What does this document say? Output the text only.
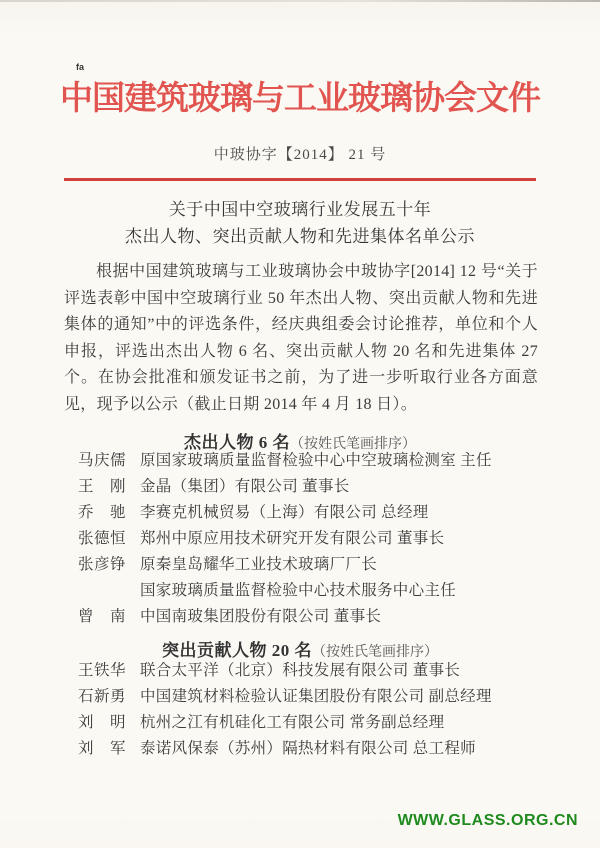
fa
中国建筑玻璃与工业玻璃协会文件
中玻协字【2014】 21 号
关于中国中空玻璃行业发展五十年
杰出人物、突出贡献人物和先进集体名单公示
根据中国建筑玻璃与工业玻璃协会中玻协字[2014] 12 号“关于评选表彰中国中空玻璃行业 50 年杰出人物、突出贡献人物和先进集体的通知”中的评选条件，经庆典组委会讨论推荐，单位和个人申报，评选出杰出人物 6 名、突出贡献人物 20 名和先进集体 27 个。在协会批准和颁发证书之前，为了进一步听取行业各方面意见，现予以公示（截止日期 2014 年 4 月 18 日）。
杰出人物 6 名（按姓氏笔画排序）
马庆儒 原国家玻璃质量监督检验中心中空玻璃检测室 主任
王　刚 金晶（集团）有限公司 董事长
乔　驰 李赛克机械贸易（上海）有限公司 总经理
张德恒 郑州中原应用技术研究开发有限公司 董事长
张彦铮 原秦皇岛耀华工业技术玻璃厂厂长
国家玻璃质量监督检验中心技术服务中心主任
曾　南 中国南玻集团股份有限公司 董事长
突出贡献人物 20 名（按姓氏笔画排序）
王铁华 联合太平洋（北京）科技发展有限公司 董事长
石新勇 中国建筑材料检验认证集团股份有限公司 副总经理
刘　明 杭州之江有机硅化工有限公司 常务副总经理
刘　军 泰诺风保泰（苏州）隔热材料有限公司 总工程师
WWW.GLASS.ORG.CN
